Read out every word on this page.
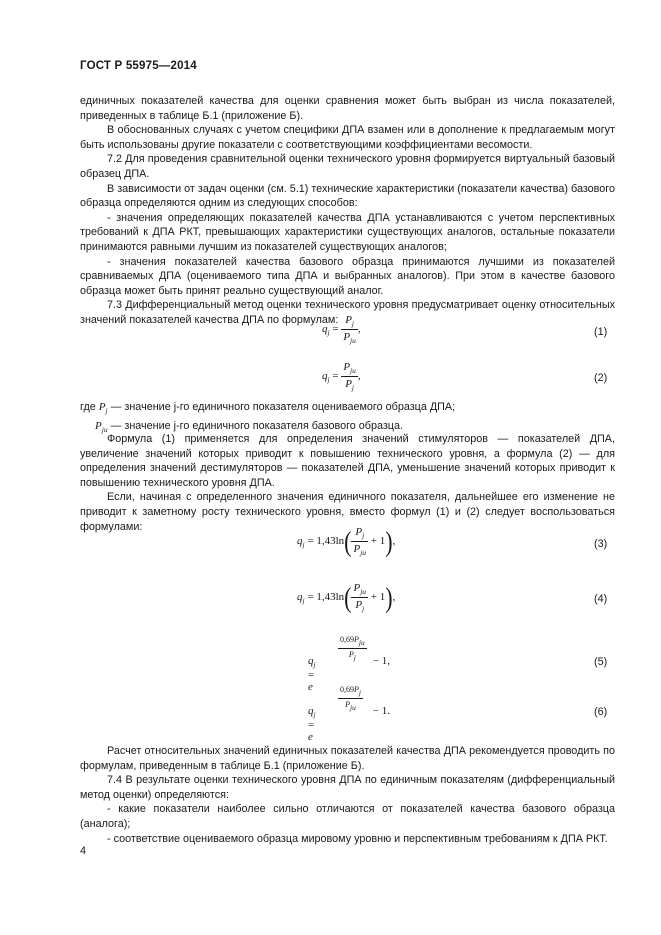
ГОСТ Р 55975—2014

единичных показателей качества для оценки сравнения может быть выбран из числа показателей, приведенных в таблице Б.1 (приложение Б).

В обоснованных случаях с учетом специфики ДПА взамен или в дополнение к предлагаемым могут быть использованы другие показатели с соответствующими коэффициентами весомости.

7.2 Для проведения сравнительной оценки технического уровня формируется виртуальный базовый образец ДПА.

В зависимости от задач оценки (см. 5.1) технические характеристики (показатели качества) базового образца определяются одним из следующих способов:

- значения определяющих показателей качества ДПА устанавливаются с учетом перспективных требований к ДПА РКТ, превышающих характеристики существующих аналогов, остальные показатели принимаются равными лучшим из показателей существующих аналогов;

- значения показателей качества базового образца принимаются лучшими из показателей сравниваемых ДПА (оцениваемого типа ДПА и выбранных аналогов). При этом в качестве базового образца может быть принят реально существующий аналог.

7.3 Дифференциальный метод оценки технического уровня предусматривает оценку относительных значений показателей качества ДПА по формулам:

$q_j = \frac{P_j}{P_{ju}}$ ,	(1)
$q_j = \frac{P_{ju}}{P_j}$ ,	(2)
где $P_j$ — значение j-го единичного показателя оцениваемого образца ДПА;
$P_{ju}$ — значение j-го единичного показателя базового образца.

Формула (1) применяется для определения значений стимуляторов — показателей ДПА, увеличение значений которых приводит к повышению технического уровня, а формула (2) — для определения значений дестимуляторов — показателей ДПА, уменьшение значений которых приводит к повышению технического уровня ДПА.

Если, начиная с определенного значения единичного показателя, дальнейшее его изменение не приводит к заметному росту технического уровня, вместо формул (1) и (2) следует воспользоваться формулами:

$q_j = 1,43\ln( \frac{P_j}{P_{ju}} + 1)$,	(3)
$q_j = 1,43\ln( \frac{P_{ju}}{P_j} + 1)$,	(4)
$q_j = e$
$0,69P_{ju}$
$P_j$	− 1,	(5)
$q_j = e$
$0,69P_j$
$P_{ju}$	− 1.	(6)

Расчет относительных значений единичных показателей качества ДПА рекомендуется проводить по формулам, приведенным в таблице Б.1 (приложение Б).

7.4 В результате оценки технического уровня ДПА по единичным показателям (дифференциальный метод оценки) определяются:

- какие показатели наиболее сильно отличаются от показателей качества базового образца (аналога);

- соответствие оцениваемого образца мировому уровню и перспективным требованиям к ДПА РКТ.

4
